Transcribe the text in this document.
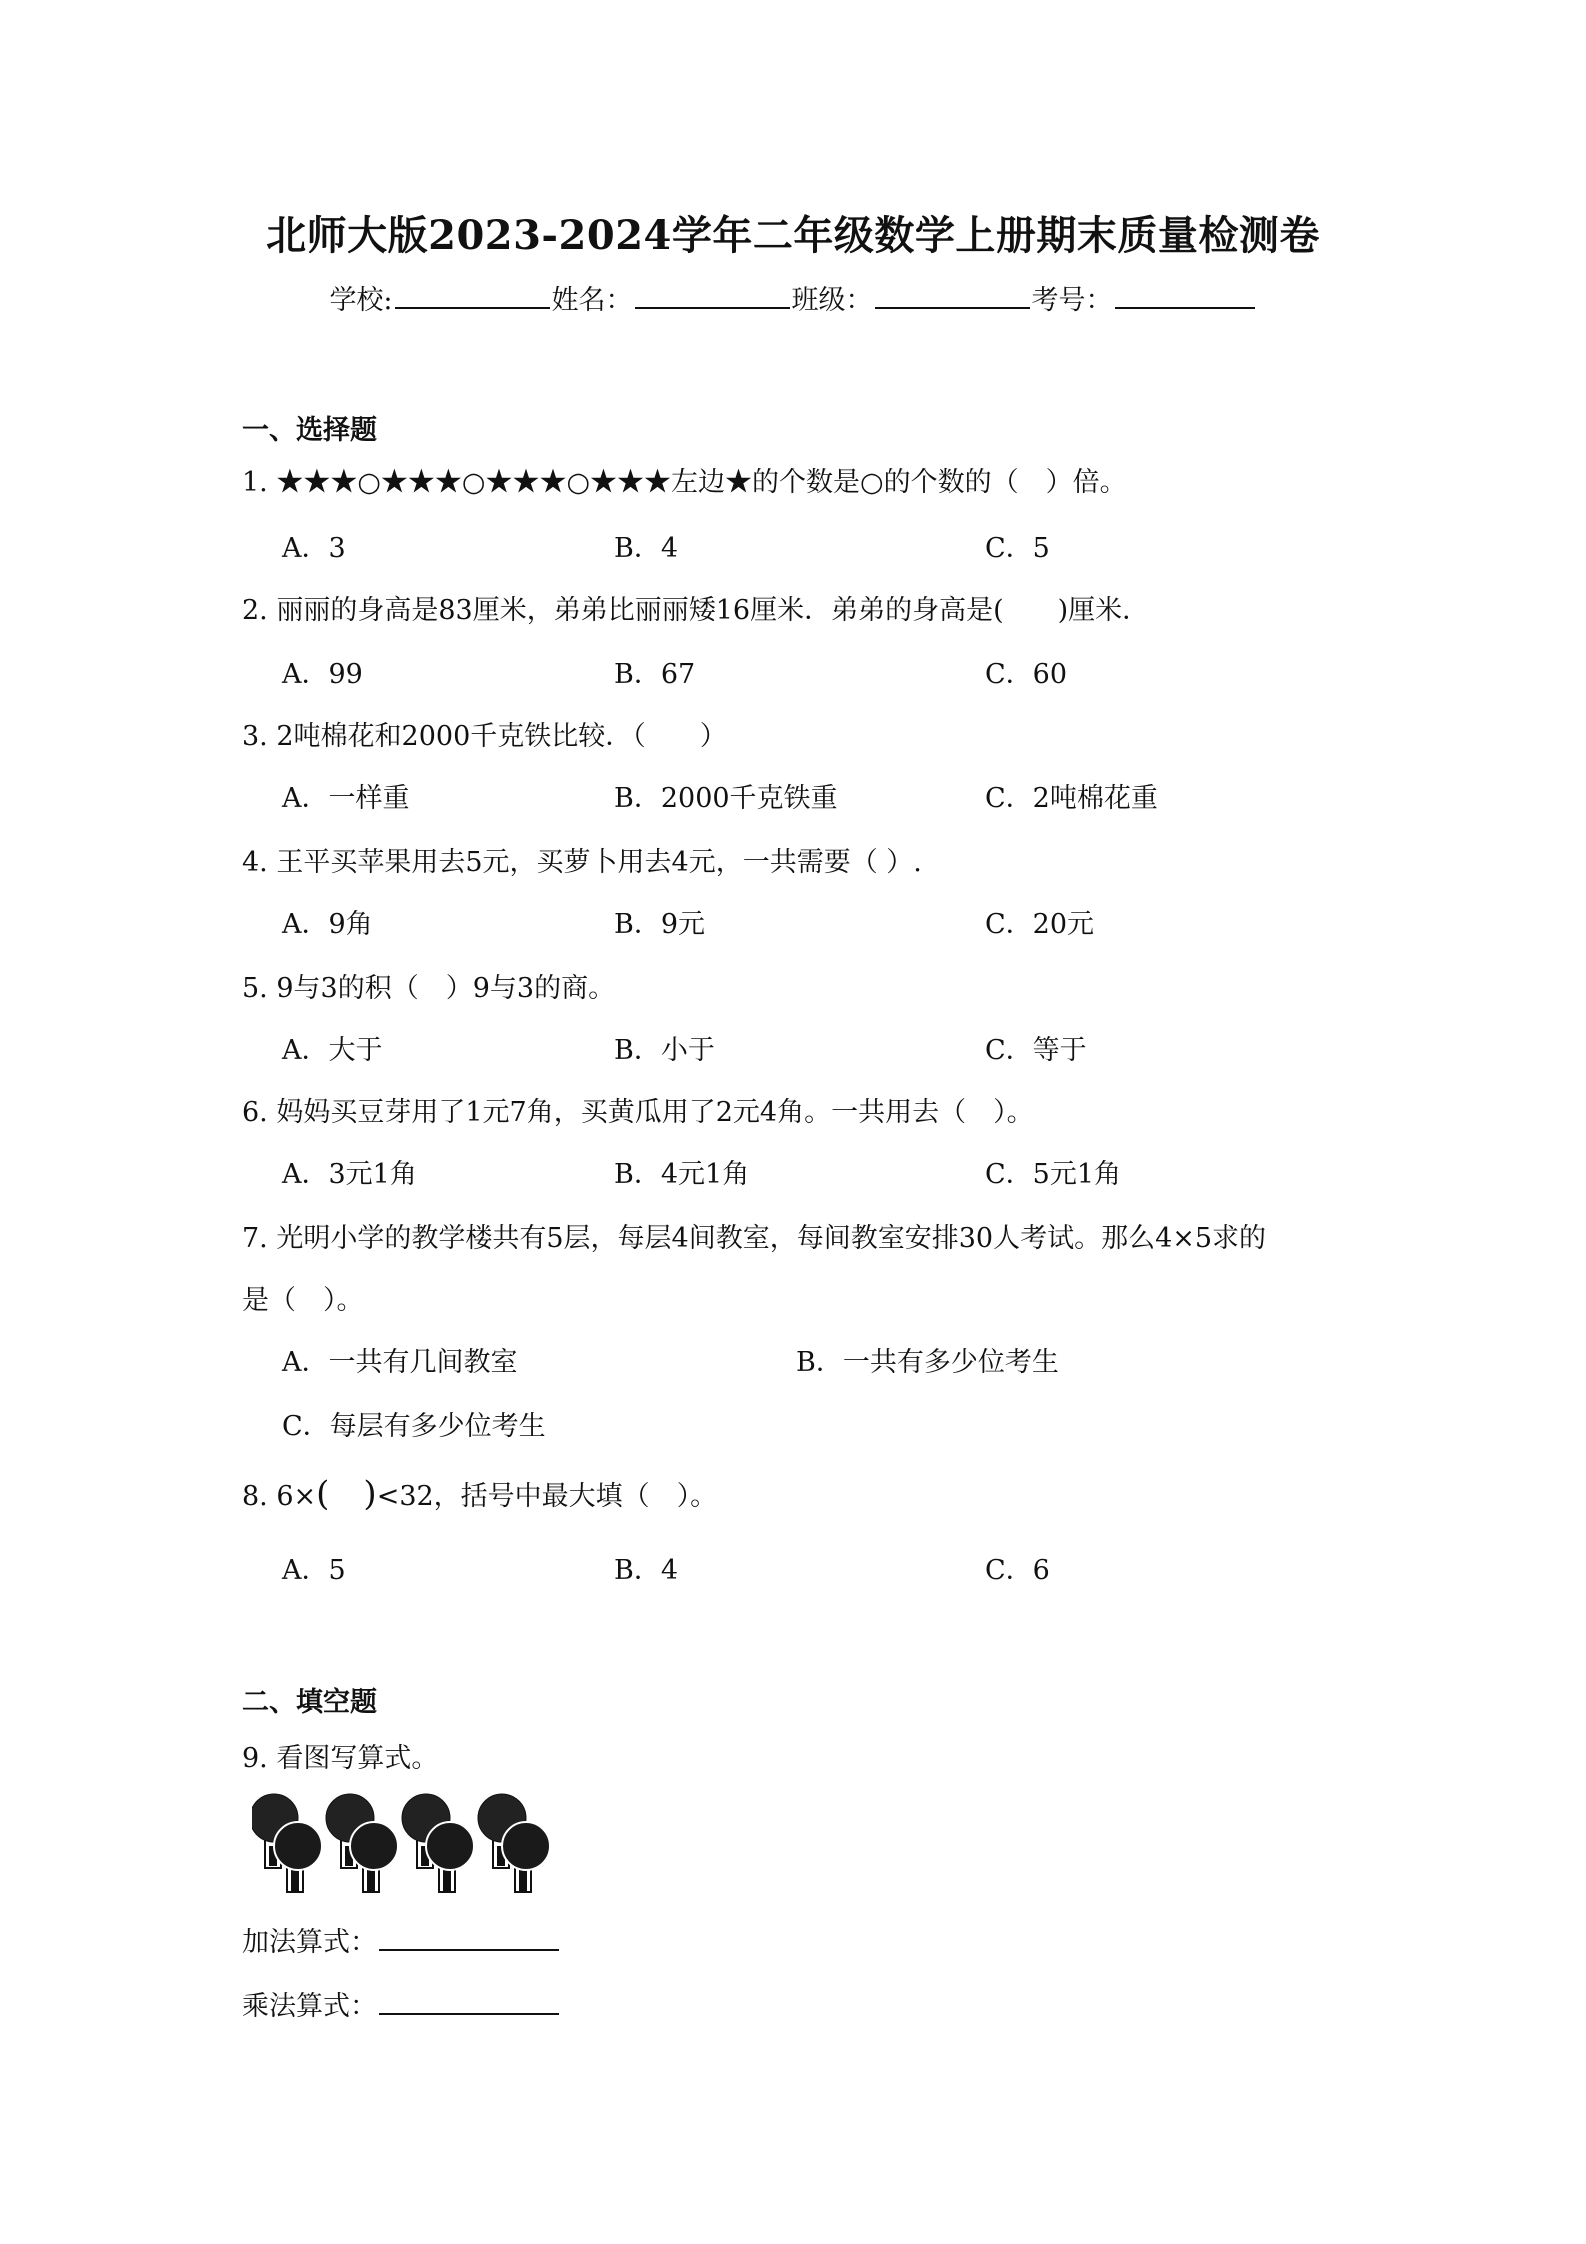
北师大版2023-2024学年二年级数学上册期末质量检测卷
学校:	姓名：	班级：	考号：
一、选择题
1. ★★★○★★★○★★★○★★★左边★的个数是○的个数的（　）倍。
A．3	B．4	C．5
2. 丽丽的身高是83厘米，弟弟比丽丽矮16厘米．弟弟的身高是(　　)厘米．
A．99	B．67	C．60
3. 2吨棉花和2000千克铁比较．（　　）
A．一样重	B．2000千克铁重	C．2吨棉花重
4. 王平买苹果用去5元，买萝卜用去4元，一共需要（ ）.
A．9角	B．9元	C．20元
5. 9与3的积（　）9与3的商。
A．大于	B．小于	C．等于
6. 妈妈买豆芽用了1元7角，买黄瓜用了2元4角。一共用去（　）。
A．3元1角	B．4元1角	C．5元1角
7. 光明小学的教学楼共有5层，每层4间教室，每间教室安排30人考试。那么4×5求的
是（　）。
A．一共有几间教室	B．一共有多少位考生
C．每层有多少位考生
8. 6×( )<32，括号中最大填（　）。
A．5	B．4	C．6
二、填空题
9. 看图写算式。
加法算式：
乘法算式：
